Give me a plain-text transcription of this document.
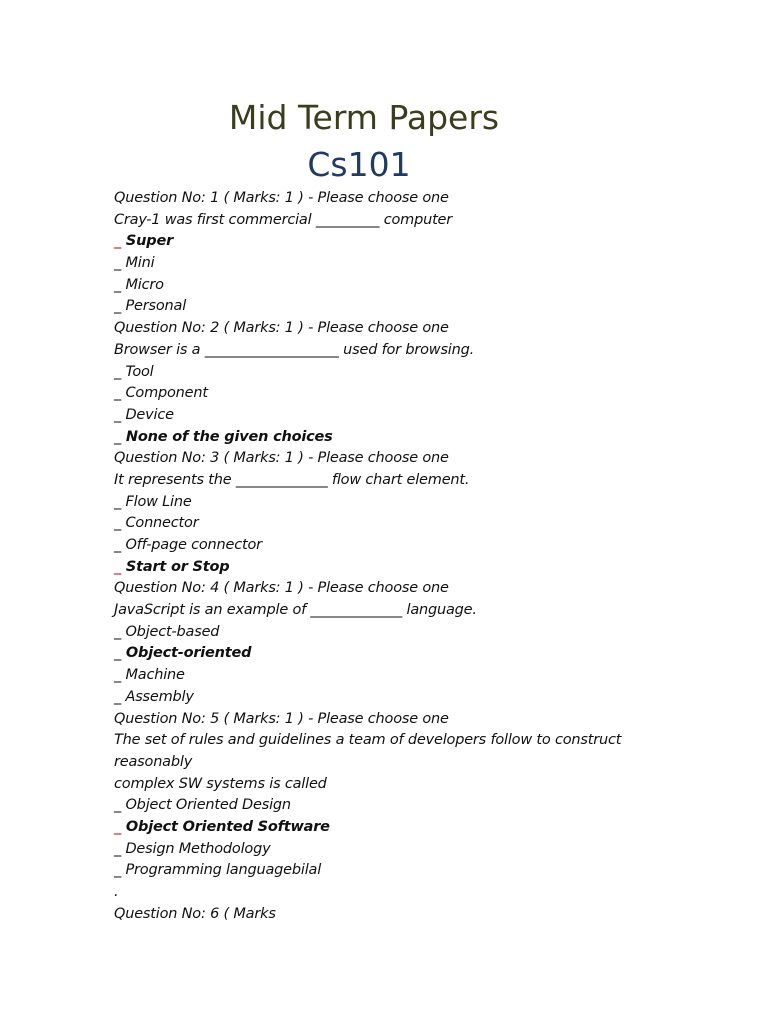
Mid Term Papers
Cs101
Question No: 1 ( Marks: 1 ) - Please choose one
Cray-1 was first commercial _________ computer
_ Super
_ Mini
_ Micro
_ Personal
Question No: 2 ( Marks: 1 ) - Please choose one
Browser is a ___________________ used for browsing.
_ Tool
_ Component
_ Device
_ None of the given choices
Question No: 3 ( Marks: 1 ) - Please choose one
It represents the _____________ flow chart element.
_ Flow Line
_ Connector
_ Off-page connector
_ Start or Stop
Question No: 4 ( Marks: 1 ) - Please choose one
JavaScript is an example of _____________ language.
_ Object-based
_ Object-oriented
_ Machine
_ Assembly
Question No: 5 ( Marks: 1 ) - Please choose one
The set of rules and guidelines a team of developers follow to construct
reasonably
complex SW systems is called
_ Object Oriented Design
_ Object Oriented Software
_ Design Methodology
_ Programming languagebilal
.
Question No: 6 ( Marks
